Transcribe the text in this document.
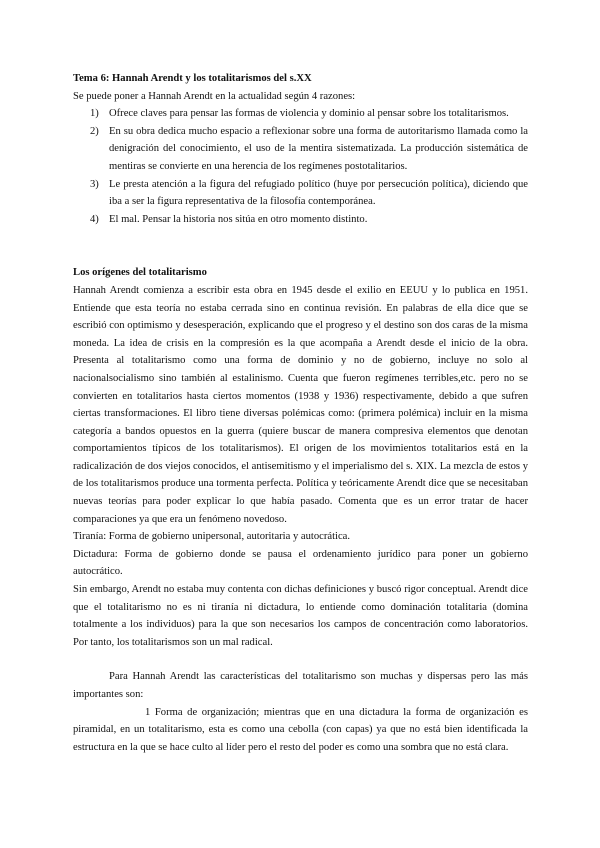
Tema 6: Hannah Arendt y los totalitarismos del s.XX

Se puede poner a Hannah Arendt en la actualidad según 4 razones:

1) Ofrece claves para pensar las formas de violencia y dominio al pensar sobre los totalitarismos.
2) En su obra dedica mucho espacio a reflexionar sobre una forma de autoritarismo llamada como la denigración del conocimiento, el uso de la mentira sistematizada. La producción sistemática de mentiras se convierte en una herencia de los regímenes postotalitarios.
3) Le presta atención a la figura del refugiado político (huye por persecución política), diciendo que iba a ser la figura representativa de la filosofía contemporánea.
4) El mal. Pensar la historia nos sitúa en otro momento distinto.

Los orígenes del totalitarismo

Hannah Arendt comienza a escribir esta obra en 1945 desde el exilio en EEUU y lo publica en 1951. Entiende que esta teoría no estaba cerrada sino en continua revisión. En palabras de ella dice que se escribió con optimismo y desesperación, explicando que el progreso y el destino son dos caras de la misma moneda. La idea de crisis en la compresión es la que acompaña a Arendt desde el inicio de la obra. Presenta al totalitarismo como una forma de dominio y no de gobierno, incluye no solo al nacionalsocialismo sino también al estalinismo. Cuenta que fueron regímenes terribles,etc. pero no se convierten en totalitarios hasta ciertos momentos (1938 y 1936) respectivamente, debido a que sufren ciertas transformaciones. El libro tiene diversas polémicas como: (primera polémica) incluir en la misma categoría a bandos opuestos en la guerra (quiere buscar de manera compresiva elementos que denotan comportamientos típicos de los totalitarismos). El origen de los movimientos totalitarios está en la radicalización de dos viejos conocidos, el antisemitismo y el imperialismo del s. XIX. La mezcla de estos y de los totalitarismos produce una tormenta perfecta. Política y teóricamente Arendt dice que se necesitaban nuevas teorías para poder explicar lo que había pasado. Comenta que es un error tratar de hacer comparaciones ya que era un fenómeno novedoso.

Tiranía: Forma de gobierno unipersonal, autoritaria y autocrática.

Dictadura: Forma de gobierno donde se pausa el ordenamiento jurídico para poner un gobierno autocrático.

Sin embargo, Arendt no estaba muy contenta con dichas definiciones y buscó rigor conceptual. Arendt dice que el totalitarismo no es ni tiranía ni dictadura, lo entiende como dominación totalitaria (domina totalmente a los individuos) para la que son necesarios los campos de concentración como laboratorios. Por tanto, los totalitarismos son un mal radical.

Para Hannah Arendt las características del totalitarismo son muchas y dispersas pero las más importantes son:

1 Forma de organización; mientras que en una dictadura la forma de organización es piramidal, en un totalitarismo, esta es como una cebolla (con capas) ya que no está bien identificada la estructura en la que se hace culto al líder pero el resto del poder es como una sombra que no está clara.
